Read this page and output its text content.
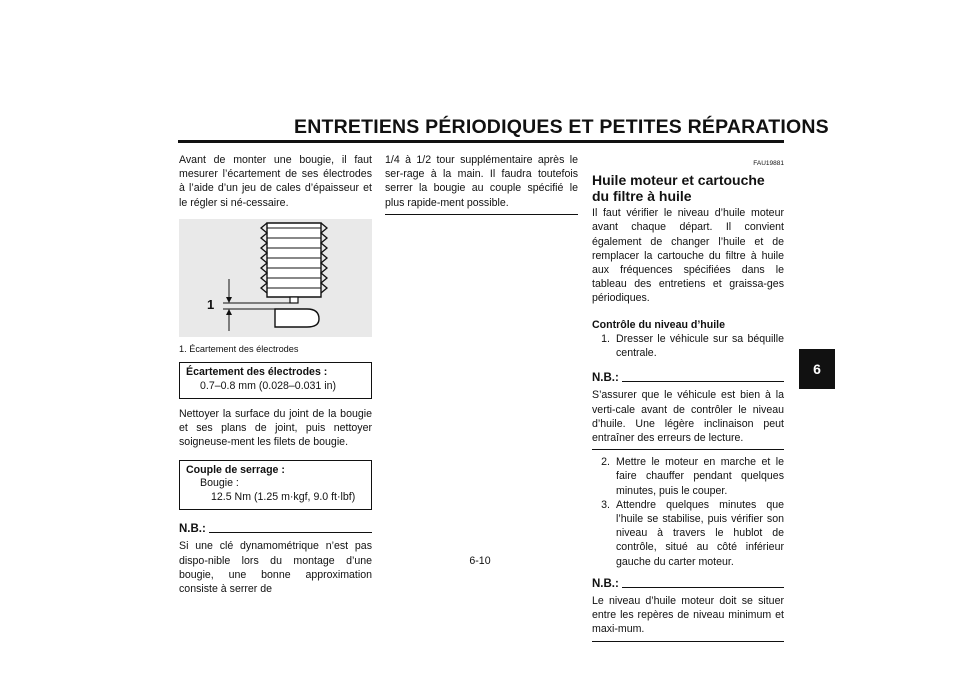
ENTRETIENS PÉRIODIQUES ET PETITES RÉPARATIONS
6

Avant de monter une bougie, il faut mesurer l’écartement de ses électrodes à l’aide d’un jeu de cales d’épaisseur et le régler si né-cessaire.

1
1. Écartement des électrodes
Écartement des électrodes :
0.7–0.8 mm (0.028–0.031 in)

Nettoyer la surface du joint de la bougie et ses plans de joint, puis nettoyer soigneuse-ment les filets de bougie.

Couple de serrage :
Bougie :
12.5 Nm (1.25 m·kgf, 9.0 ft·lbf)
N.B.:

Si une clé dynamométrique n’est pas dispo-nible lors du montage d’une bougie, une bonne approximation consiste à serrer de

1/4 à 1/2 tour supplémentaire après le ser-rage à la main. Il faudra toutefois serrer la bougie au couple spécifié le plus rapide-ment possible.

FAU19881
Huile moteur et cartouche du filtre à huile

Il faut vérifier le niveau d’huile moteur avant chaque départ. Il convient également de changer l’huile et de remplacer la cartouche du filtre à huile aux fréquences spécifiées dans le tableau des entretiens et graissa-ges périodiques.

Contrôle du niveau d’huile
1. Dresser le véhicule sur sa béquille centrale.
N.B.:

S’assurer que le véhicule est bien à la verti-cale avant de contrôler le niveau d’huile. Une légère inclinaison peut entraîner des erreurs de lecture.

2. Mettre le moteur en marche et le faire chauffer pendant quelques minutes, puis le couper.
3. Attendre quelques minutes que l’huile se stabilise, puis vérifier son niveau à travers le hublot de contrôle, situé au côté inférieur gauche du carter moteur.
N.B.:

Le niveau d’huile moteur doit se situer entre les repères de niveau minimum et maxi-mum.

6-10
